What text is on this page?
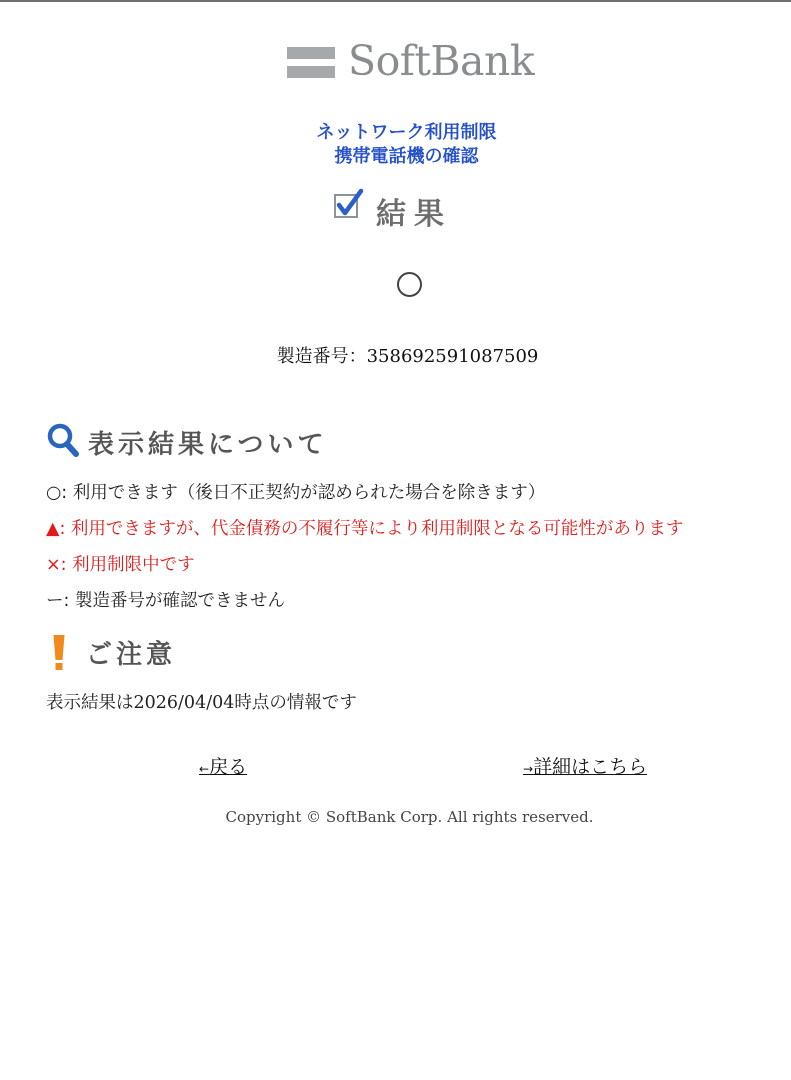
SoftBank
ネットワーク利用制限
携帯電話機の確認
結果
製造番号：358692591087509
表示結果について
○: 利用できます（後日不正契約が認められた場合を除きます）
▲: 利用できますが、代金債務の不履行等により利用制限となる可能性があります
×: 利用制限中です
ー: 製造番号が確認できません
ご注意
表示結果は2026/04/04時点の情報です
←戻る	→詳細はこちら
Copyright © SoftBank Corp. All rights reserved.
